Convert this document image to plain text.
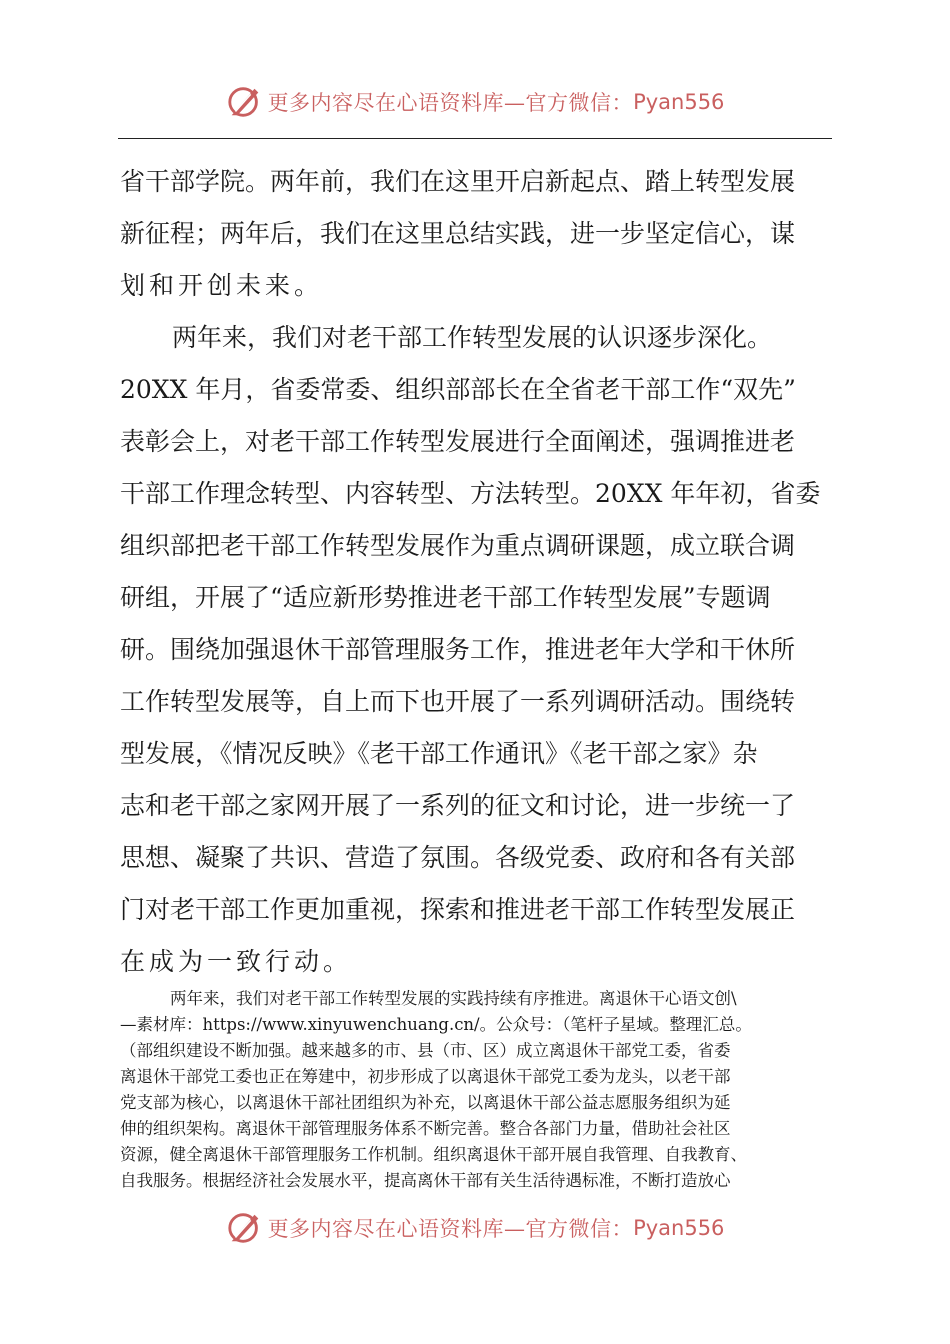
更多内容尽在心语资料库—官方微信： Pyan556
省干部学院。两年前，我们在这里开启新起点、踏上转型发展
新征程；两年后，我们在这里总结实践，进一步坚定信心，谋
划和开创未来。
两年来，我们对老干部工作转型发展的认识逐步深化。
20XX 年月，省委常委、组织部部长在全省老干部工作“双先”
表彰会上，对老干部工作转型发展进行全面阐述，强调推进老
干部工作理念转型、内容转型、方法转型。20XX 年年初，省委
组织部把老干部工作转型发展作为重点调研课题，成立联合调
研组，开展了“适应新形势推进老干部工作转型发展”专题调
研。围绕加强退休干部管理服务工作，推进老年大学和干休所
工作转型发展等，自上而下也开展了一系列调研活动。围绕转
型发展，《情况反映》《老干部工作通讯》《老干部之家》杂
志和老干部之家网开展了一系列的征文和讨论，进一步统一了
思想、凝聚了共识、营造了氛围。各级党委、政府和各有关部
门对老干部工作更加重视，探索和推进老干部工作转型发展正
在成为一致行动。
两年来，我们对老干部工作转型发展的实践持续有序推进。离退休干心语文创\
—素材库：https://www.xinyuwenchuang.cn/。公众号：（笔杆子星域。整理汇总。
（部组织建设不断加强。越来越多的市、县（市、区）成立离退休干部党工委，省委
离退休干部党工委也正在筹建中，初步形成了以离退休干部党工委为龙头，以老干部
党支部为核心，以离退休干部社团组织为补充，以离退休干部公益志愿服务组织为延
伸的组织架构。离退休干部管理服务体系不断完善。整合各部门力量，借助社会社区
资源，健全离退休干部管理服务工作机制。组织离退休干部开展自我管理、自我教育、
自我服务。根据经济社会发展水平，提高离休干部有关生活待遇标准，不断打造放心
更多内容尽在心语资料库—官方微信： Pyan556
